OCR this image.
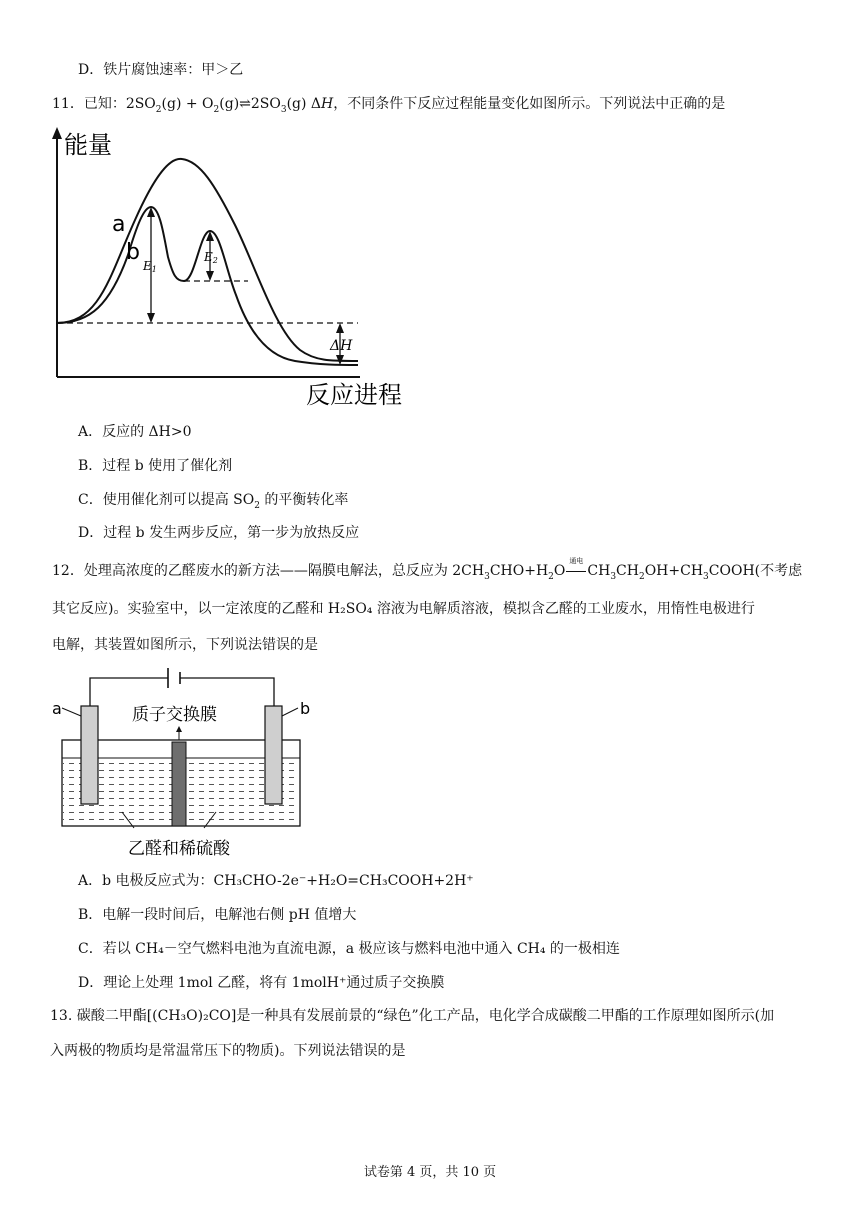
D．铁片腐蚀速率：甲＞乙
11．已知：$2SO_2(g)$ + $O_2(g)\rightleftharpoons 2SO_3(g)$ ΔH，不同条件下反应过程能量变化如图所示。下列说法中正确的是
能量
反应进程
a
b
E1
E2
ΔH
A．反应的 ΔH>0
B．过程 b 使用了催化剂
C．使用催化剂可以提高 $SO_2$ 的平衡转化率
D．过程 b 发生两步反应，第一步为放热反应
12．处理高浓度的乙醛废水的新方法——隔膜电解法，总反应为 $2CH_3CHO+H_2O$
通电
$CH_3CH_2OH+CH_3COOH$(不考虑
其它反应)。实验室中，以一定浓度的乙醛和 H₂SO₄ 溶液为电解质溶液，模拟含乙醛的工业废水，用惰性电极进行
电解，其装置如图所示，下列说法错误的是
a	b
质子交换膜
乙醛和稀硫酸
A．b 电极反应式为：CH₃CHO-2e⁻+H₂O=CH₃COOH+2H⁺
B．电解一段时间后，电解池右侧 pH 值增大
C．若以 CH₄－空气燃料电池为直流电源，a 极应该与燃料电池中通入 CH₄ 的一极相连
D．理论上处理 1mol 乙醛，将有 1molH⁺通过质子交换膜
13. 碳酸二甲酯[(CH₃O)₂CO]是一种具有发展前景的“绿色”化工产品，电化学合成碳酸二甲酯的工作原理如图所示(加
入两极的物质均是常温常压下的物质)。下列说法错误的是
试卷第 4 页，共 10 页
